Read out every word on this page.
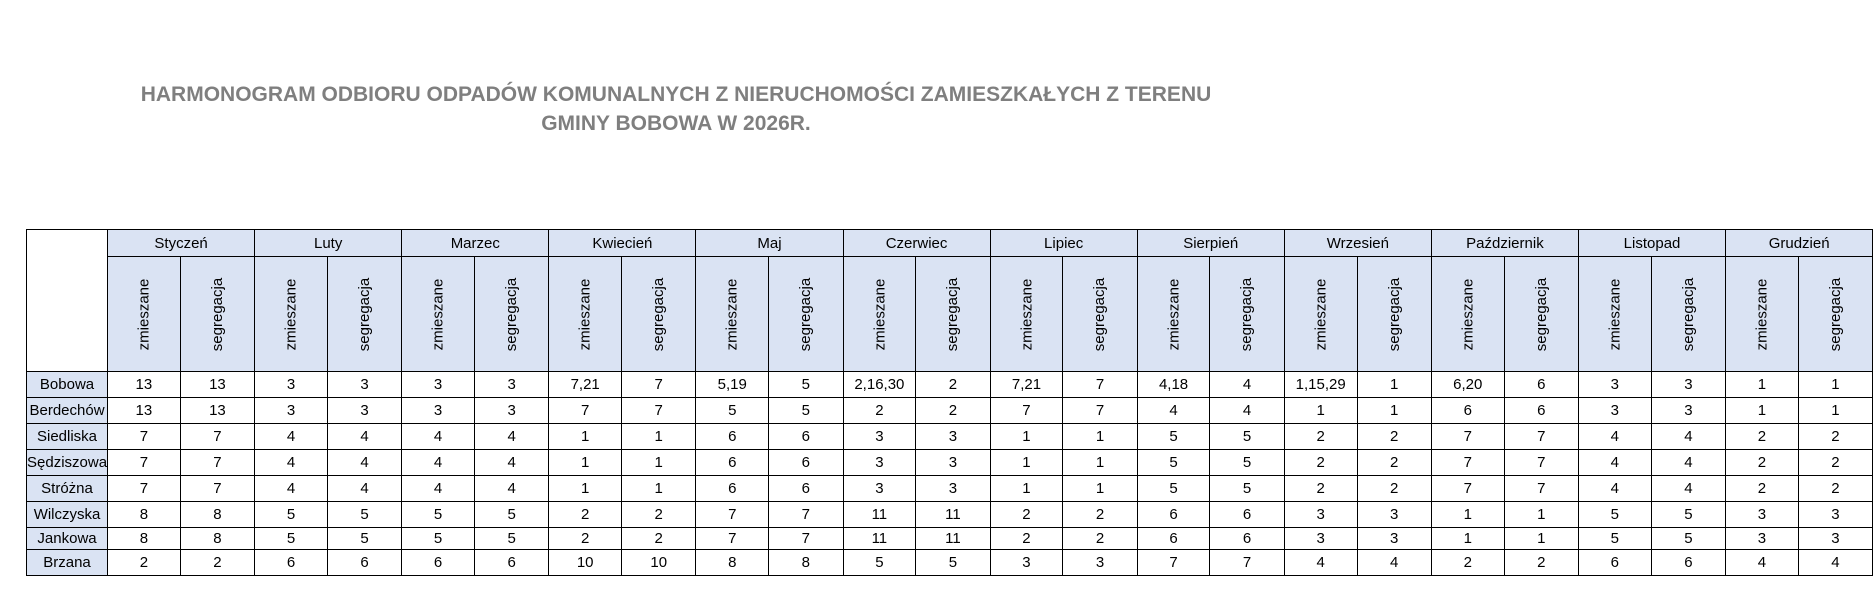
HARMONOGRAM ODBIORU ODPADÓW KOMUNALNYCH Z NIERUCHOMOŚCI ZAMIESZKAŁYCH Z TERENU
GMINY BOBOWA W 2026R.
	Styczeń		Luty		Marzec		Kwiecień		Maj		Czerwiec		Lipiec		Sierpień		Wrzesień		Październik		Listopad		Grudzień	
	zmieszane	segregacja	zmieszane	segregacja	zmieszane	segregacja	zmieszane	segregacja	zmieszane	segregacja	zmieszane	segregacja	zmieszane	segregacja	zmieszane	segregacja	zmieszane	segregacja	zmieszane	segregacja	zmieszane	segregacja	zmieszane	segregacja
Bobowa	13	13	3	3	3	3	7,21	7	5,19	5	2,16,30	2	7,21	7	4,18	4	1,15,29	1	6,20	6	3	3	1	1
Berdechów	13	13	3	3	3	3	7	7	5	5	2	2	7	7	4	4	1	1	6	6	3	3	1	1
Siedliska	7	7	4	4	4	4	1	1	6	6	3	3	1	1	5	5	2	2	7	7	4	4	2	2
Sędziszowa	7	7	4	4	4	4	1	1	6	6	3	3	1	1	5	5	2	2	7	7	4	4	2	2
Stróżna	7	7	4	4	4	4	1	1	6	6	3	3	1	1	5	5	2	2	7	7	4	4	2	2
Wilczyska	8	8	5	5	5	5	2	2	7	7	11	11	2	2	6	6	3	3	1	1	5	5	3	3
Jankowa	8	8	5	5	5	5	2	2	7	7	11	11	2	2	6	6	3	3	1	1	5	5	3	3
Brzana	2	2	6	6	6	6	10	10	8	8	5	5	3	3	7	7	4	4	2	2	6	6	4	4
